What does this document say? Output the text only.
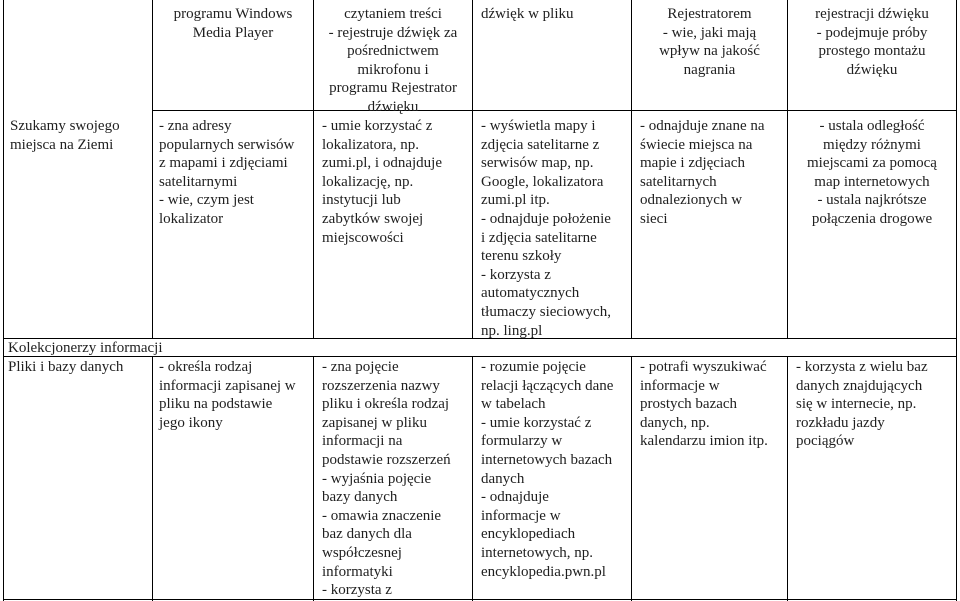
Szukamy swojego
miejsca na Ziemi
programu Windows
Media Player
- zna adresy
popularnych serwisów
z mapami i zdjęciami
satelitarnymi
- wie, czym jest
lokalizator
czytaniem treści
- rejestruje dźwięk za
pośrednictwem
mikrofonu i
programu Rejestrator
dźwięku
- umie korzystać z
lokalizatora, np.
zumi.pl, i odnajduje
lokalizację, np.
instytucji lub
zabytków swojej
miejscowości
dźwięk w pliku
- wyświetla mapy i
zdjęcia satelitarne z
serwisów map, np.
Google, lokalizatora
zumi.pl itp.
- odnajduje położenie
i zdjęcia satelitarne
terenu szkoły
- korzysta z
automatycznych
tłumaczy sieciowych,
np. ling.pl
Rejestratorem
- wie, jaki mają
wpływ na jakość
nagrania
- odnajduje znane na
świecie miejsca na
mapie i zdjęciach
satelitarnych
odnalezionych w
sieci
rejestracji dźwięku
- podejmuje próby
prostego montażu
dźwięku
- ustala odległość
między różnymi
miejscami za pomocą
map internetowych
- ustala najkrótsze
połączenia drogowe
Kolekcjonerzy informacji
Pliki i bazy danych	- określa rodzaj
informacji zapisanej w
pliku na podstawie
jego ikony
- zna pojęcie
rozszerzenia nazwy
pliku i określa rodzaj
zapisanej w pliku
informacji na
podstawie rozszerzeń
- wyjaśnia pojęcie
bazy danych
- omawia znaczenie
baz danych dla
współczesnej
informatyki
- korzysta z
- rozumie pojęcie
relacji łączących dane
w tabelach
- umie korzystać z
formularzy w
internetowych bazach
danych
- odnajduje
informacje w
encyklopediach
internetowych, np.
encyklopedia.pwn.pl
- potrafi wyszukiwać
informacje w
prostych bazach
danych, np.
kalendarzu imion itp.
- korzysta z wielu baz
danych znajdujących
się w internecie, np.
rozkładu jazdy
pociągów
